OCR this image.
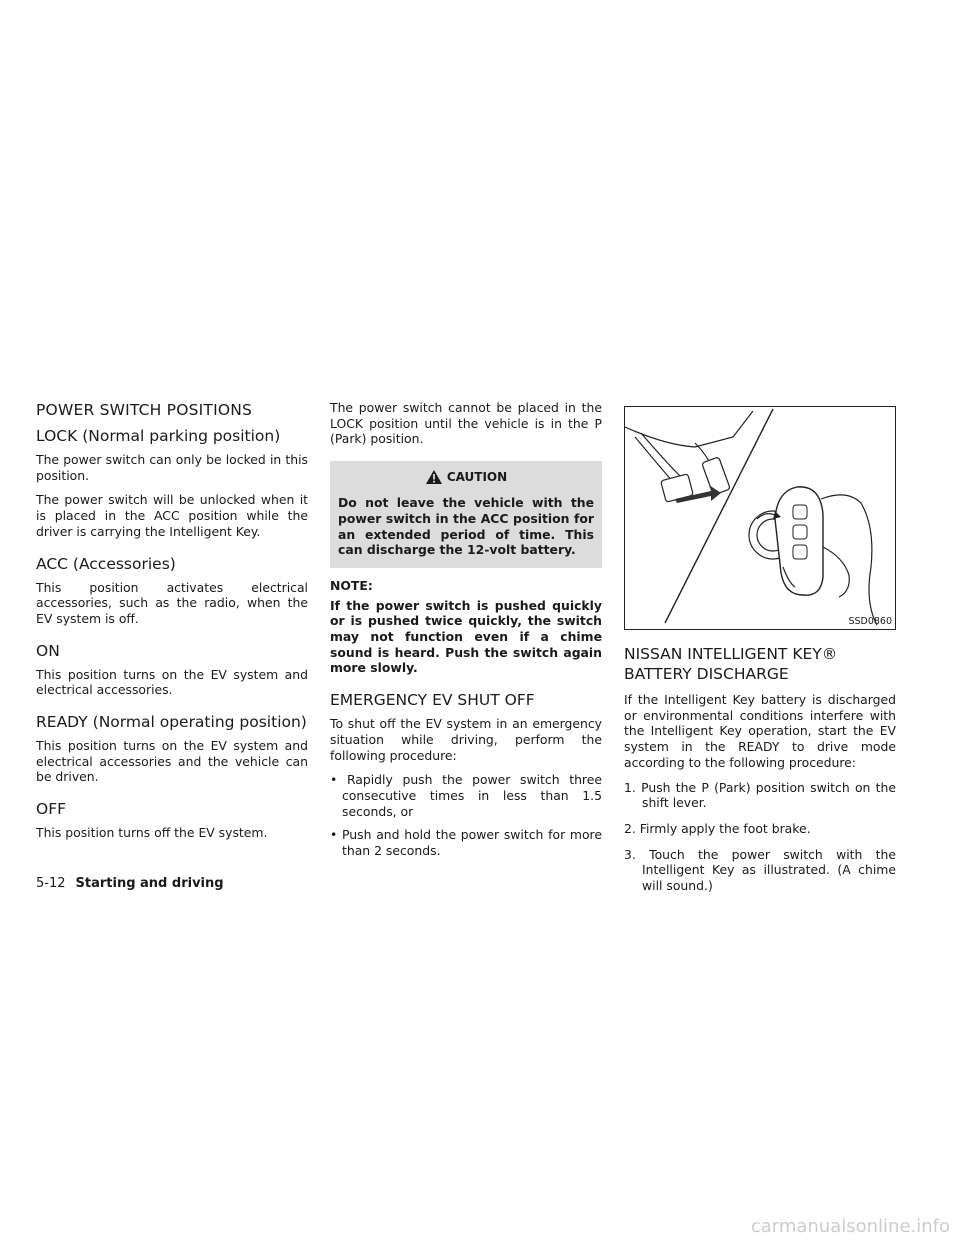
POWER SWITCH POSITIONS
LOCK (Normal parking position)

The power switch can only be locked in this position.

The power switch will be unlocked when it is placed in the ACC position while the driver is carrying the Intelligent Key.

ACC (Accessories)

This position activates electrical accessories, such as the radio, when the EV system is off.

ON

This position turns on the EV system and electrical accessories.

READY (Normal operating position)

This position turns on the EV system and electrical accessories and the vehicle can be driven.

OFF

This position turns off the EV system.

The power switch cannot be placed in the LOCK position until the vehicle is in the P (Park) position.

CAUTION

Do not leave the vehicle with the power switch in the ACC position for an extended period of time. This can discharge the 12-volt battery.

NOTE:

If the power switch is pushed quickly or is pushed twice quickly, the switch may not function even if a chime sound is heard. Push the switch again more slowly.

EMERGENCY EV SHUT OFF

To shut off the EV system in an emergency situation while driving, perform the following procedure:

• Rapidly push the power switch three consecutive times in less than 1.5 seconds, or
• Push and hold the power switch for more than 2 seconds.
SSD0860
NISSAN INTELLIGENT KEY® BATTERY DISCHARGE

If the Intelligent Key battery is discharged or environmental conditions interfere with the Intelligent Key operation, start the EV system in the READY to drive mode according to the following procedure:

1. Push the P (Park) position switch on the shift lever.
2. Firmly apply the foot brake.
3. Touch the power switch with the Intelligent Key as illustrated. (A chime will sound.)
5-12 Starting and driving
carmanualsonline.info
